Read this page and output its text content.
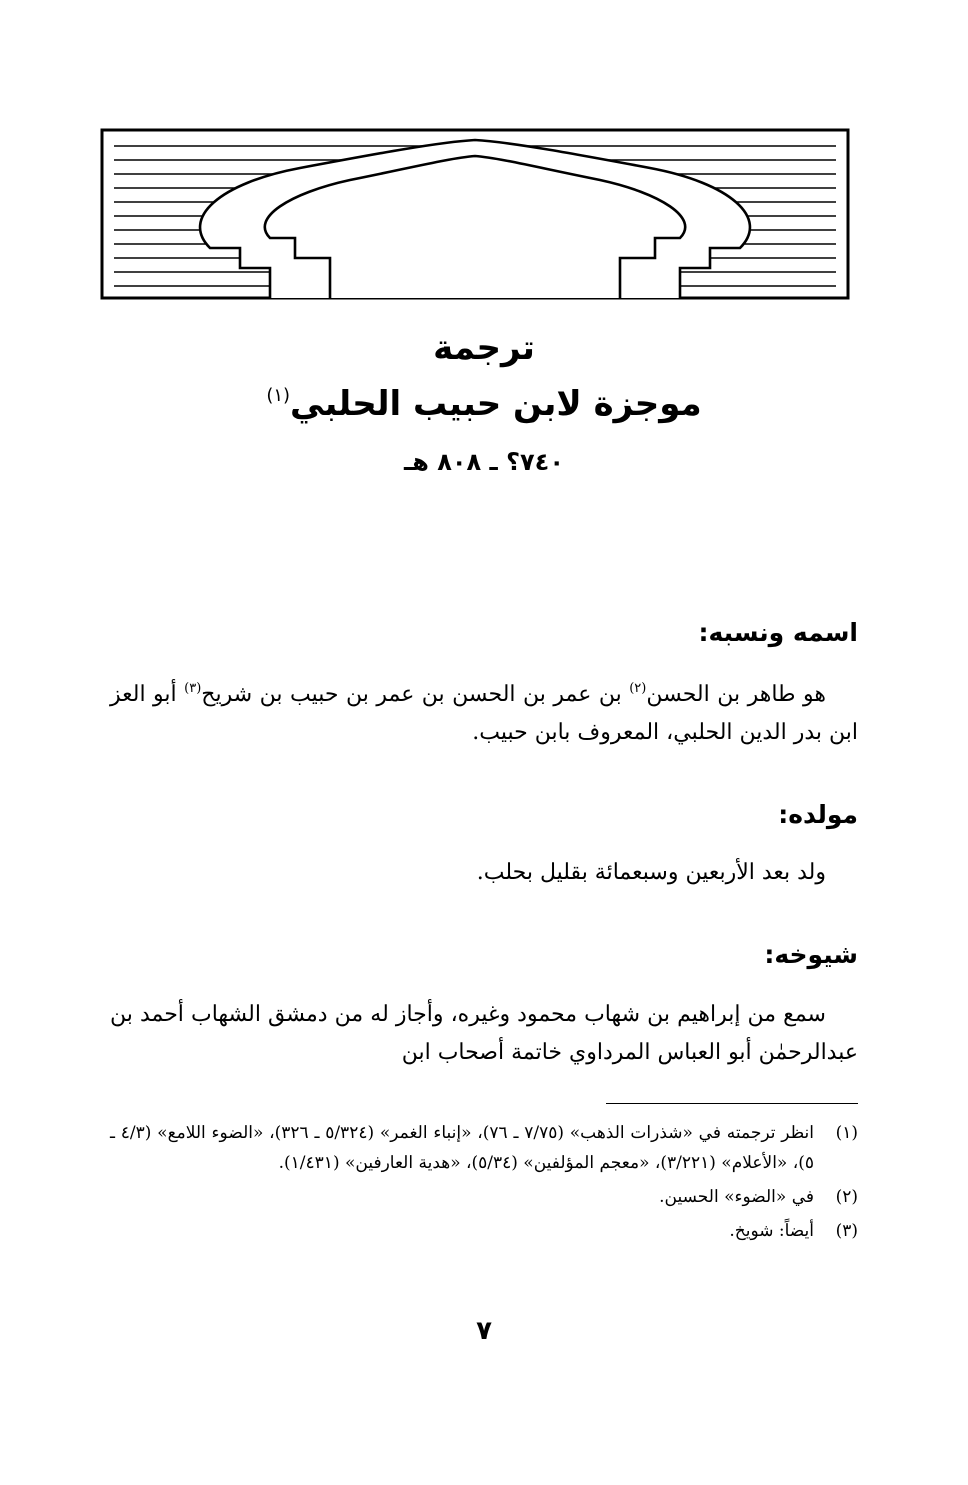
ترجمة
موجزة لابن حبيب الحلبي$^{(١)}$
٧٤٠؟ ـ ٨٠٨ هـ
اسمه ونسبه:
هو طاهر بن الحسن$^{(٢)}$ بن عمر بن الحسن بن عمر بن حبيب بن شريح$^{(٣)}$ أبو العز ابن بدر الدين الحلبي، المعروف بابن حبيب.
مولده:
ولد بعد الأربعين وسبعمائة بقليل بحلب.
شيوخه:
سمع من إبراهيم بن شهاب محمود وغيره، وأجاز له من دمشق الشهاب أحمد بن عبدالرحمٰن أبو العباس المرداوي خاتمة أصحاب ابن
(١)
انظر ترجمته في «شذرات الذهب» (٧/٧٥ ـ ٧٦)، «إنباء الغمر» (٥/٣٢٤ ـ ٣٢٦)، «الضوء اللامع» (٤/٣ ـ ٥)، «الأعلام» (٣/٢٢١)، «معجم المؤلفين» (٥/٣٤)، «هدية العارفين» (١/٤٣١).
(٢)
في «الضوء» الحسين.
(٣)
أيضاً: شويخ.
٧
